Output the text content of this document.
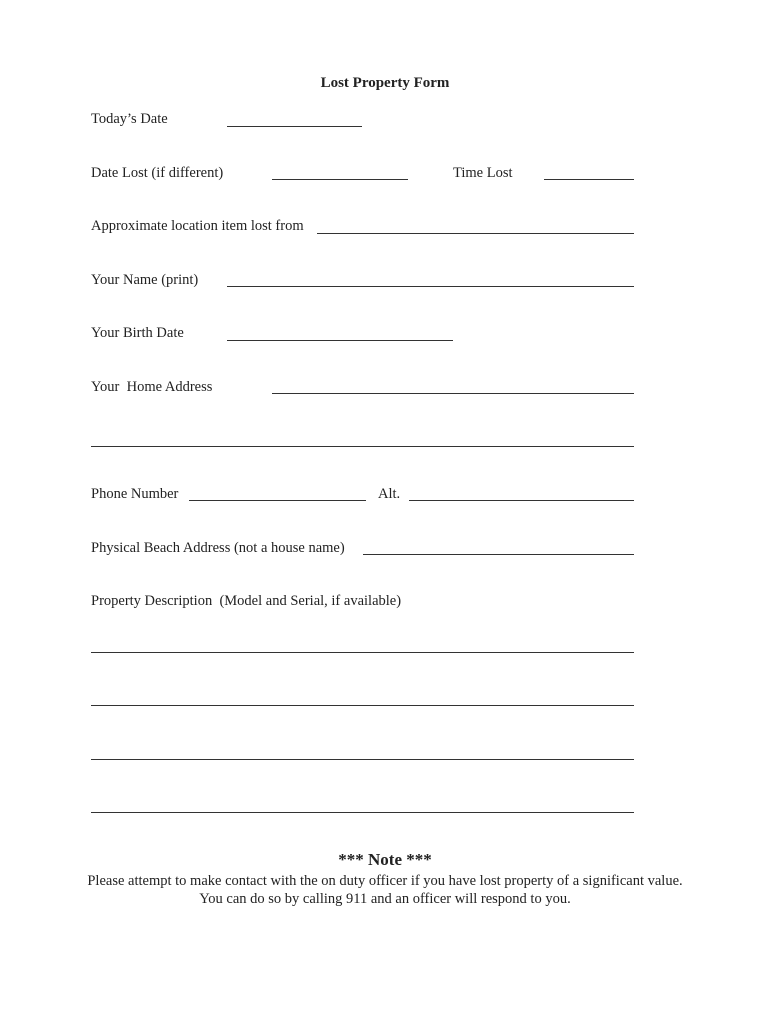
Lost Property Form
Today’s Date
Date Lost (if different)	Time Lost
Approximate location item lost from
Your Name (print)
Your Birth Date
Your  Home Address
Phone Number	Alt.
Physical Beach Address (not a house name)
Property Description  (Model and Serial, if available)
*** Note ***
Please attempt to make contact with the on duty officer if you have lost property of a significant value. You can do so by calling 911 and an officer will respond to you.
